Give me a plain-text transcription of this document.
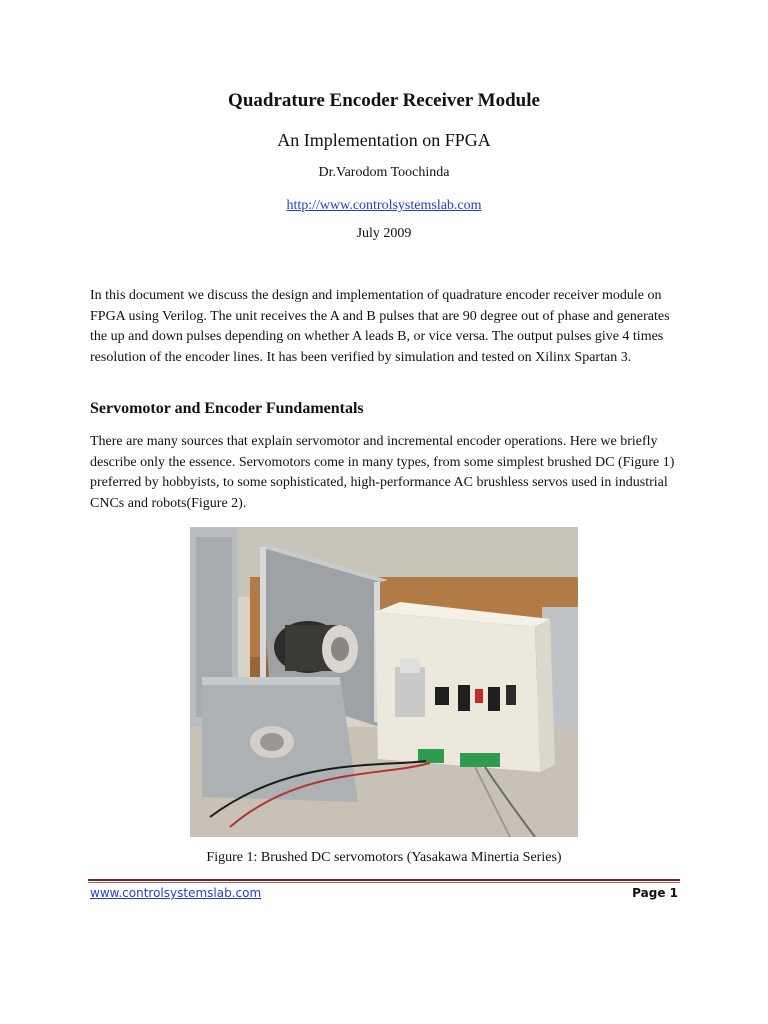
Quadrature Encoder Receiver Module
An Implementation on FPGA
Dr.Varodom Toochinda
http://www.controlsystemslab.com
July 2009

In this document we discuss the design and implementation of quadrature encoder receiver module on FPGA using Verilog. The unit receives the A and B pulses that are 90 degree out of phase and generates the up and down pulses depending on whether A leads B, or vice versa. The output pulses give 4 times resolution of the encoder lines. It has been verified by simulation and tested on Xilinx Spartan 3.

Servomotor and Encoder Fundamentals

There are many sources that explain servomotor and incremental encoder operations. Here we briefly describe only the essence. Servomotors come in many types, from some simplest brushed DC (Figure 1) preferred by hobbyists, to some sophisticated, high-performance AC brushless servos used in industrial CNCs and robots(Figure 2).

Figure 1: Brushed DC servomotors (Yasakawa Minertia Series)
www.controlsystemslab.com	Page 1
